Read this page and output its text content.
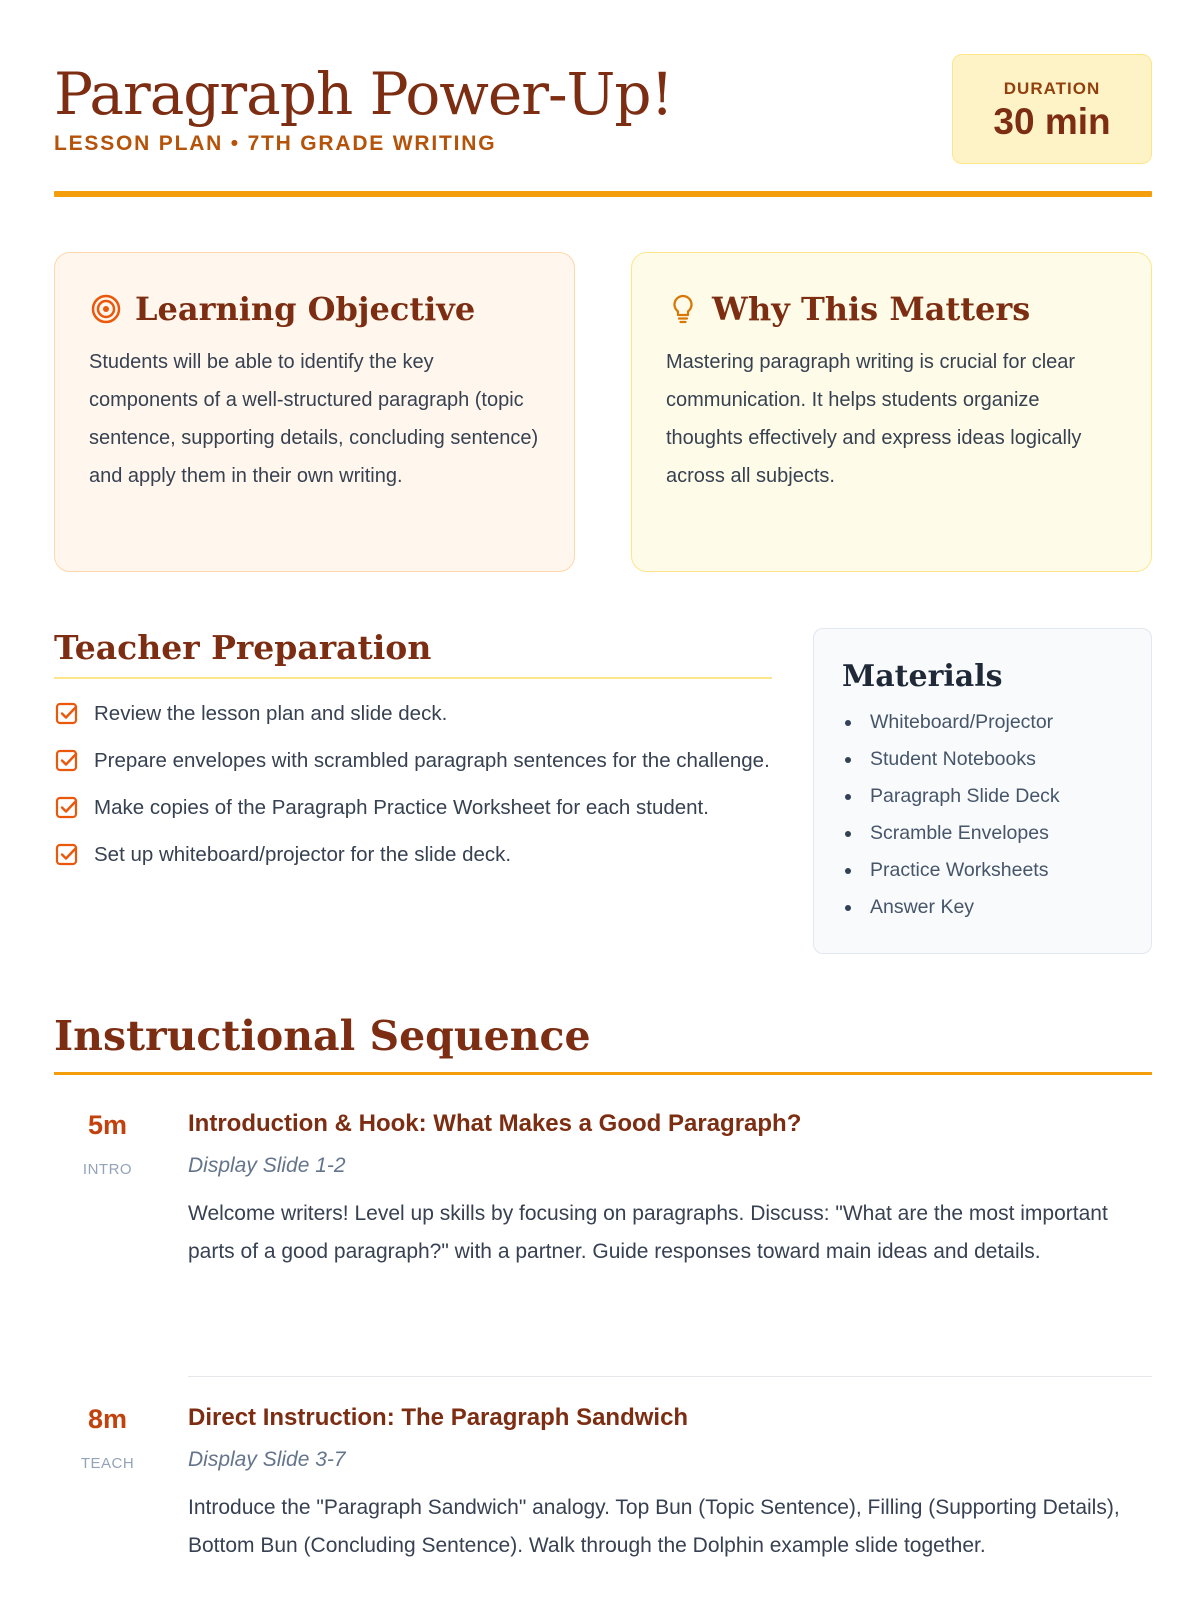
Paragraph Power-Up!
LESSON PLAN • 7TH GRADE WRITING
DURATION
30 min
Learning Objective

Students will be able to identify the key components of a well-structured paragraph (topic sentence, supporting details, concluding sentence) and apply them in their own writing.

Why This Matters

Mastering paragraph writing is crucial for clear communication. It helps students organize thoughts effectively and express ideas logically across all subjects.

Teacher Preparation
Review the lesson plan and slide deck.
Prepare envelopes with scrambled paragraph sentences for the challenge.
Make copies of the Paragraph Practice Worksheet for each student.
Set up whiteboard/projector for the slide deck.
Materials
Whiteboard/Projector
Student Notebooks
Paragraph Slide Deck
Scramble Envelopes
Practice Worksheets
Answer Key
Instructional Sequence
5m
INTRO
Introduction & Hook: What Makes a Good Paragraph?
Display Slide 1-2

Welcome writers! Level up skills by focusing on paragraphs. Discuss: "What are the most important parts of a good paragraph?" with a partner. Guide responses toward main ideas and details.

8m
TEACH
Direct Instruction: The Paragraph Sandwich
Display Slide 3-7

Introduce the "Paragraph Sandwich" analogy. Top Bun (Topic Sentence), Filling (Supporting Details), Bottom Bun (Concluding Sentence). Walk through the Dolphin example slide together.
